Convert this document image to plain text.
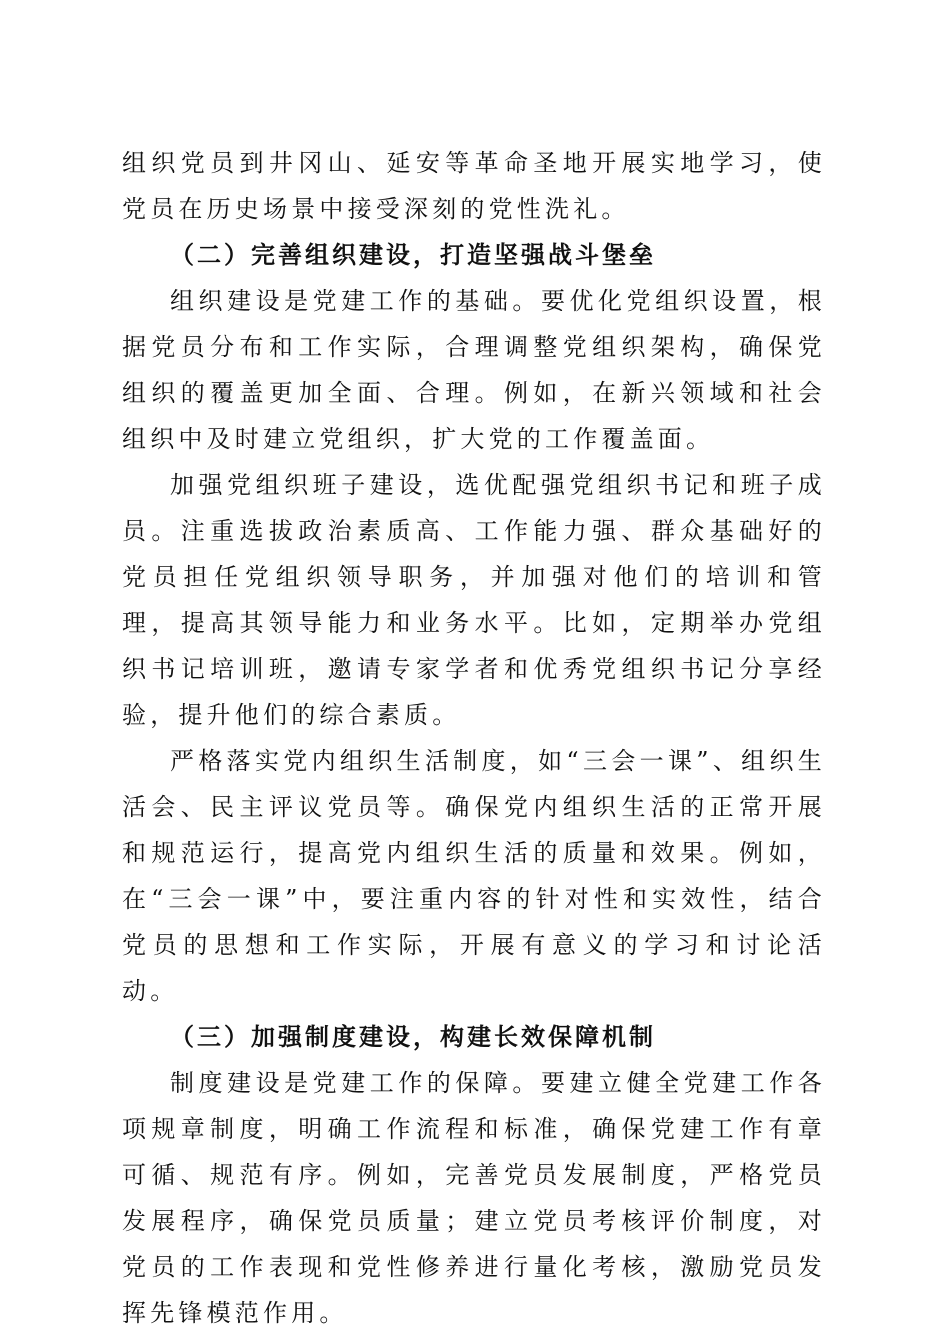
组织党员到井冈山、延安等革命圣地开展实地学习，使党员在历史场景中接受深刻的党性洗礼。

（二）完善组织建设，打造坚强战斗堡垒

组织建设是党建工作的基础。要优化党组织设置，根据党员分布和工作实际，合理调整党组织架构，确保党组织的覆盖更加全面、合理。例如，在新兴领域和社会组织中及时建立党组织，扩大党的工作覆盖面。

加强党组织班子建设，选优配强党组织书记和班子成员。注重选拔政治素质高、工作能力强、群众基础好的党员担任党组织领导职务，并加强对他们的培训和管理，提高其领导能力和业务水平。比如，定期举办党组织书记培训班，邀请专家学者和优秀党组织书记分享经验，提升他们的综合素质。

严格落实党内组织生活制度，如“三会一课”、组织生活会、民主评议党员等。确保党内组织生活的正常开展和规范运行，提高党内组织生活的质量和效果。例如，在“三会一课”中，要注重内容的针对性和实效性，结合党员的思想和工作实际，开展有意义的学习和讨论活动。

（三）加强制度建设，构建长效保障机制

制度建设是党建工作的保障。要建立健全党建工作各项规章制度，明确工作流程和标准，确保党建工作有章可循、规范有序。例如，完善党员发展制度，严格党员发展程序，确保党员质量；建立党员考核评价制度，对党员的工作表现和党性修养进行量化考核，激励党员发挥先锋模范作用。
